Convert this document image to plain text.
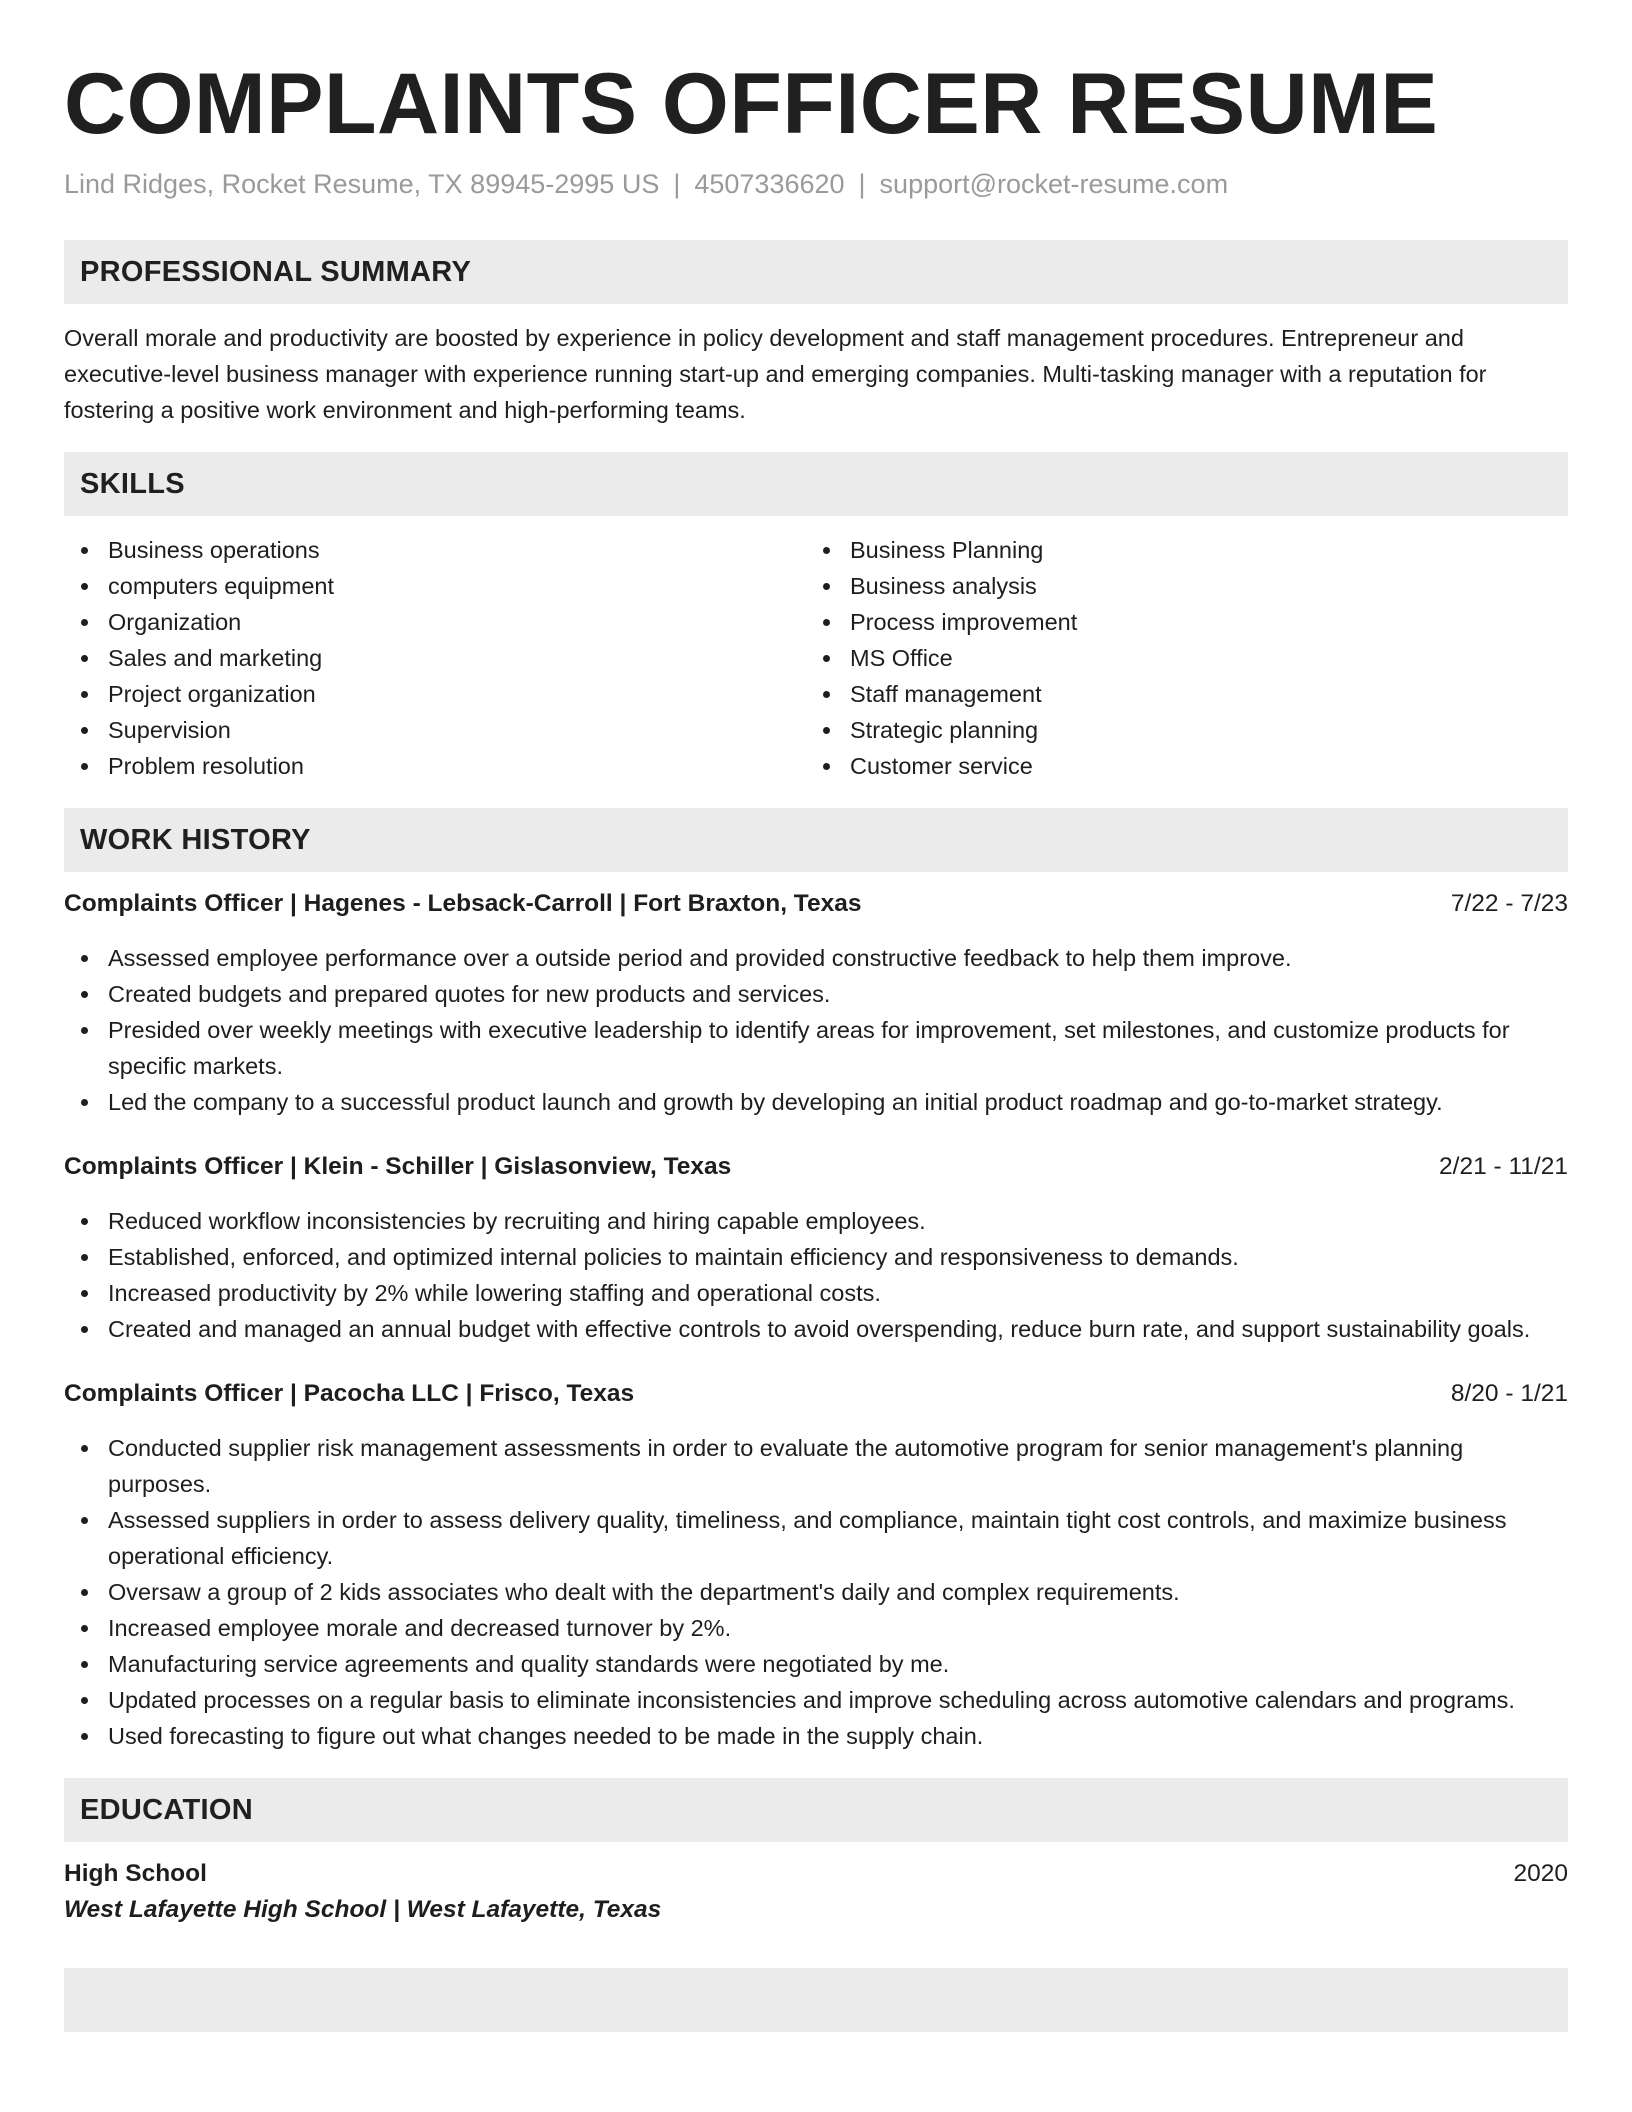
COMPLAINTS OFFICER RESUME
Lind Ridges, Rocket Resume, TX 89945-2995 US | 4507336620 | support@rocket-resume.com
PROFESSIONAL SUMMARY

Overall morale and productivity are boosted by experience in policy development and staff management procedures. Entrepreneur and executive-level business manager with experience running start-up and emerging companies. Multi-tasking manager with a reputation for fostering a positive work environment and high-performing teams.

SKILLS
Business operations
computers equipment
Organization
Sales and marketing
Project organization
Supervision
Problem resolution
Business Planning
Business analysis
Process improvement
MS Office
Staff management
Strategic planning
Customer service
WORK HISTORY
Complaints Officer | Hagenes - Lebsack-Carroll | Fort Braxton, Texas	7/22 - 7/23
Assessed employee performance over a outside period and provided constructive feedback to help them improve.
Created budgets and prepared quotes for new products and services.
Presided over weekly meetings with executive leadership to identify areas for improvement, set milestones, and customize products for specific markets.
Led the company to a successful product launch and growth by developing an initial product roadmap and go-to-market strategy.
Complaints Officer | Klein - Schiller | Gislasonview, Texas	2/21 - 11/21
Reduced workflow inconsistencies by recruiting and hiring capable employees.
Established, enforced, and optimized internal policies to maintain efficiency and responsiveness to demands.
Increased productivity by 2% while lowering staffing and operational costs.
Created and managed an annual budget with effective controls to avoid overspending, reduce burn rate, and support sustainability goals.
Complaints Officer | Pacocha LLC | Frisco, Texas	8/20 - 1/21
Conducted supplier risk management assessments in order to evaluate the automotive program for senior management's planning purposes.
Assessed suppliers in order to assess delivery quality, timeliness, and compliance, maintain tight cost controls, and maximize business operational efficiency.
Oversaw a group of 2 kids associates who dealt with the department's daily and complex requirements.
Increased employee morale and decreased turnover by 2%.
Manufacturing service agreements and quality standards were negotiated by me.
Updated processes on a regular basis to eliminate inconsistencies and improve scheduling across automotive calendars and programs.
Used forecasting to figure out what changes needed to be made in the supply chain.
EDUCATION
High School	2020
West Lafayette High School | West Lafayette, Texas
